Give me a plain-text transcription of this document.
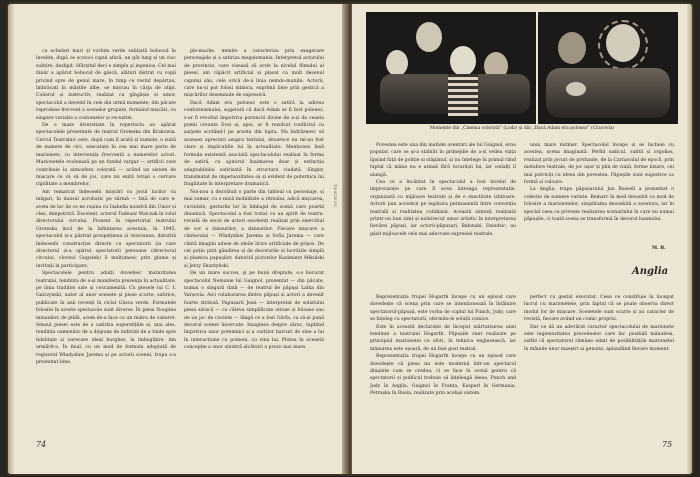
cu ochelari mari și vorbim verde subțiată bobocul în învelite, după ce scotoci capul afară, un gât lung și un cioc subțire, dezlipit. Sfârșitul deci e simplu și ingenios. Cel mai tânăr a apărut bobocul de gâscă, alături distrat cu copii privind spre de genul mare, în timp ce restul depărtau, îmbrăcați în măștile albe, se mișcau în cârja de atipi. Colierul și instructiv, realizat cu gingășie și umor, spectacolul a devenit în cele din urmă momente, din păcate reproduse frecvent a scenelor grupate, formând mișcări, cu singura variație a costumelor și recuzitei.

De o mare diversitate în repertoriu au apărut spectacolele prezentate de teatrul Groteska din Krakowia. Cercul Teatralnic este, după cum îl arată și numele, o suită de numere de circ, executate în cea mai mare parte de marionete, cu intervenția frecventă a numerelor actori. Marionetele evoluează pe un fundal vargar — artificii care contribuie la atmosfera colorată — având un sistem de mișcare ce vă să de jos, care nu exită totuși o cercare rigiditate a membrelor.

Am remarcat îndeosebi mișcări cu jocul lucilor cu măgari, în dansul acrobatic pe sârmă — fată de care n-avem de loc de ce ne rușina cu Isabella noastră din Umor și chei, dimpotrivă. Excelent, actorul Tadeusz Walczak în rolul directorului circului. Prezent în repertoriul teatrului Groteska încă de la înființarea acestuia, în 1945, spectacolul și-a păstrat prospețimea și vioiciunea, datorită îndeosebi construcției directe cu spectatorii (la care directorul și-a apărut spectatorii persoane (directorul circului, clovnul Gugatek) îi mulțumesc prin glume și invitații la participare.

Spectacolele pentru adulți dovedesc maturitatea teatrului, tendința de a-și manifesta prezența în actualitate, pe linia tradiției sale și coscamenită. Cu piesele lui C. I. Galczynski, autor al unor scenete și piese scurte, satirice, publicate în anii recenți în ciclul Gâsca verde. Formulele folosite în aceste spectacole sunt diverse. În piesa Noaptea minunilor, de pildă, avem de-a face cu un teatru de cabaret. Sensul piesei este de a satiriza superstițiile și, mai ales, tendința oamenilor de a dispune de indivizii de a tinde spre fidelitate și oarecare ideal burghez, la îmbogățire. Am urmărit-o. În final, cu un mod de formula adoptată de regizorul Władysław Jarema și pe actorii scenei, trupa s-a prezentat bine.

ple-mache, menite a caracteriza prin exagerare personajele și a satiriza megalomania. Interpretul actorului de provincie, care visează să scrie la nivelul filmului al piesei, am căpăcit artificial și plasat cu mult desenul capului său, cele oricâ de-a linia nemdo-munite. Actorii, care nu-și pot folosi mimica, exprimă bine prin gestică a mișcărilor desemnate de expresivă.

Dacă Adam era polonez este o satiră la adresa conformismului, sugerată că dacă Adam ar fi fost polonez, s-ar fi revoltat împotriva porunciii divine de a-și da ceasta pomii creanțe Evei și, apoi, ar fi rezolvat conflictul cu șarpele scotând-l pe acesta din lupta. Nu îndrăznesc să avansez aprecieri asupra textului, deoarece nu mi-au fost clare și implicațiile lui în actualitate. Menționez însă formula existentă asociată spectacolului realizat în forma de satiră, cu ajutorul înaintarea doar și extincția adaptabilului satirizată în structura ciudată. Singur, transmutat de impetuozitatea sa și evident de puternica lui fragilitate în interpretare dramatică.

Noi-nou a dezvăluit o parte din tabloul cu personaje, și mai sumar, cu o mică mobilitate a ritmului, adică mișcarea, cuvintele, gesturile lor în limbajul de scenă care poartă dinamică. Spectacolul a fost tratat cu un spirit de teatru-revistă de secol de actori excelenți realizat prin exercitiul de cor a dansurilor, a dansurilor. Fiecare mișcare a cântecului — Władysław Jarema și Sofia Jarema — care cântă imagini aduse de ideile lirice artificiale de prișos. De cel puțin pitit gândirea și de decorurile și lucrările simplă și plastica papușilor, datorită pictorilor Kazimierz Mikulski și Jerzy Skarżyński.

De un mare succes, și pe bună dreptate, s-a bucurat spectacolul Nemanie lui Guignol, prezentat — din păcate, numai o singură dată — de teatrul de păpuși Lalka din Varșovia. Aici colaborarea dintre păpuși și actori a devenit foarte strânsă. Papușarii Jean — interpretat de solistului piesa săracă — cu câteva simplificate atrase și foloase sau de un joc de cuvinte — lângă ce a fost Gârfa, ca să-și pună decorul scenei încercate. Imaginea despre sărac, luptând împotriva unor potemnici și a curților hatcuri de sine a lui în interacțiune cu pomeni, cu vina lui. Plutea în această concepție a unor sinistră alcătuiri a prozo mai mare.

TEATRUL
74
Momente din „Cinema colorată” (Lodz) și din „Dacă Adam era polonez” (Cracovia)

Povestea este una din multele aventuri ale lui Guignol, erou popular, care se și-a stabilit în primejdie de a-și vedea viața lipsind față de poliție și stăpânul, și nu înțelege în primul rând faptul că mâna nu e atinsă fără tovarășii lui, iar ceilalți îl alungă.

Cea ce a încântat în spectacolul a fost nivelul de improvizație pe care îl avea întreaga reprezentație, organizată cu mijloace teatrale și de o exactitate izbitoare. Actorii pun accentul pe legătura permanentă între convenția teatrală și realitatea cotidiană. Această sinteză realizată printr-un bun simț și neîntrecut umor artistic în interpretarea fiecărei păpuși, iar actorii-păpușari, Bałonski, Dziedzic, au găsit mijloacele cele mai adecvate expresiei teatrale.

unui mare mitiner. Spectacolul începe și se încheie cu acestea, scena imaginată. Perfid sadicul, subtil și orgolios, realizat prin jocuri de profunde, de la Carnavalul de epocă, prin metafore teatrale, de joc ușor și plin de viață, forme bizare, cei mai potriviți cu ideea din povestea. Păpușile sunt sugestive ca formă și culoare.

La Anglia, trupa păpușarului Jan Bussell a prezentat o colecție de numere variate. Remarc în mod deosebit ca mod de folosire a marionetelor, simplitatea deosebită a acestora, iar în special ceea ce privește realizarea scenariului în care nu numai păpușile, ci toată scena se transformă în decorul basmului.

M. B.
Anglia

Reprezentația trupei Hogarth începe cu un episod care dovedește că scena prin care se intenționează în întâlnire spectatorul-păpușă, este vorba de cuplul lui Punch, Judy, care se înțeleg cu spectatorii, oferindu-le soluții comice.

Este în această declarație de început mărturisirea unei tendințe a teatrului Hogarth. Păpușile sunt realizate pe principiul marionetei cu sfori, în tehnica englezească, iar mânuirea este ușoară, de un bun gust teatral.

Reprezentația trupei Hogarth începe cu un episod care dovedește că piesa nu este modernă într-un spectacol dinainte cum se credea, ci se face în scenă pentru că spectatorii și publicul trebuie să înțeleagă ideea. Punch and Judy în Anglia, Guignol în Franța, Kasperl în Germania, Petrușka în Rusia, realizate prin același sistem.

perfect cu gestul executat. Ceea ce constituie la început lucrul cu marionetele, prin faptul că se poate observa direct modul lor de mișcare. Scenetele sunt scurte și au caracter de revistă, fiecare având un comic propriu.

Dar ce dă un adevărat caracter spectacolului de marionete este ingeniozitatea procedeelor care fac posibilă mânuirea, astfel că spectatorul rămâne uimit de posibilitățile marionetei în mâinile unor maeștri ai genului, aplaudând fiecare moment.

75
